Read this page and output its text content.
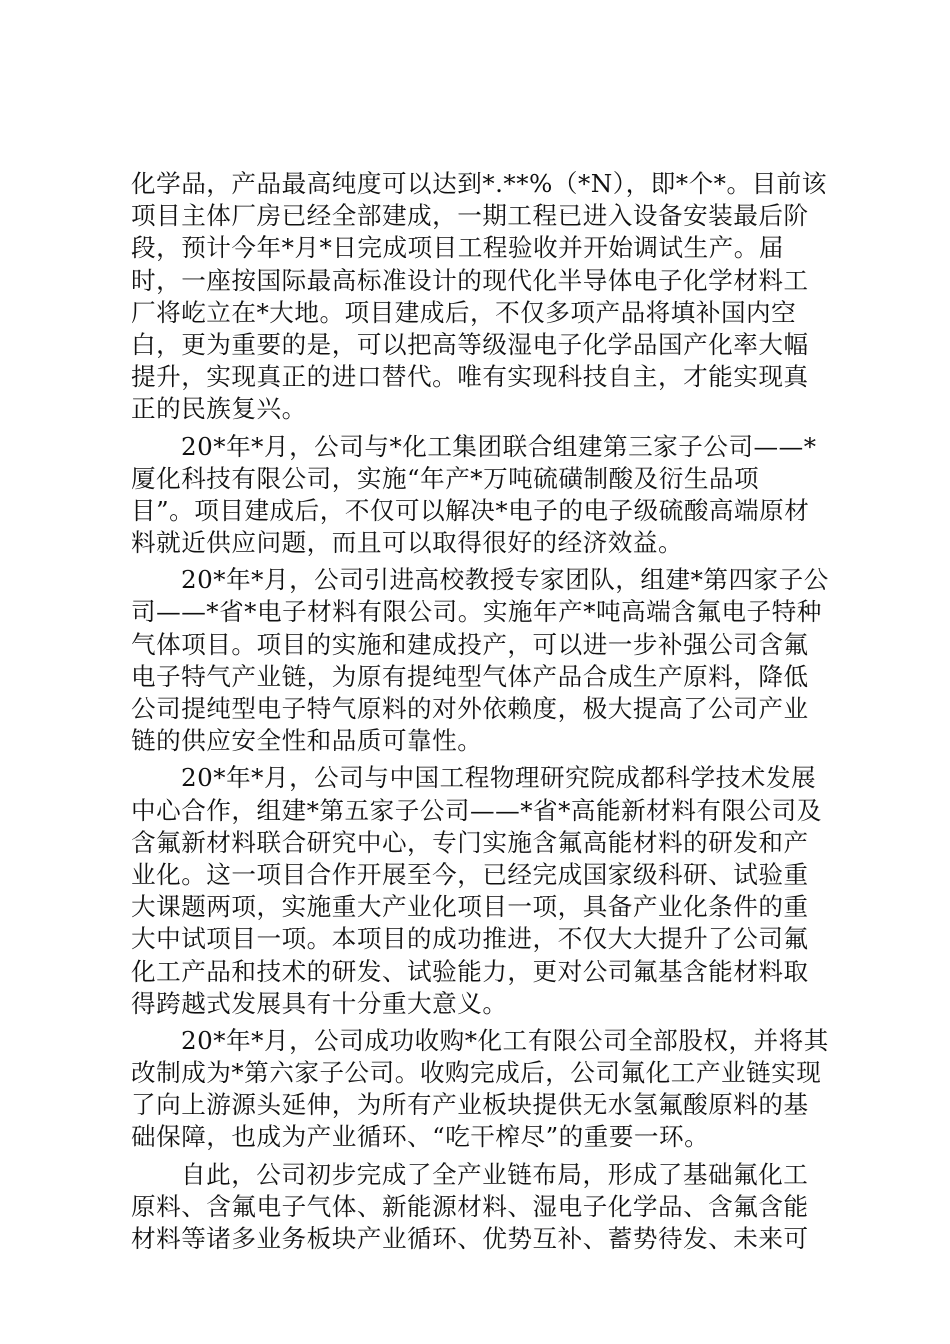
化学品，产品最高纯度可以达到*.**%（*N），即*个*。目前该
项目主体厂房已经全部建成，一期工程已进入设备安装最后阶
段，预计今年*月*日完成项目工程验收并开始调试生产。届
时，一座按国际最高标准设计的现代化半导体电子化学材料工
厂将屹立在*大地。项目建成后，不仅多项产品将填补国内空
白，更为重要的是，可以把高等级湿电子化学品国产化率大幅
提升，实现真正的进口替代。唯有实现科技自主，才能实现真
正的民族复兴。
20*年*月，公司与*化工集团联合组建第三家子公司——*
厦化科技有限公司，实施“年产*万吨硫磺制酸及衍生品项
目”。项目建成后，不仅可以解决*电子的电子级硫酸高端原材
料就近供应问题，而且可以取得很好的经济效益。
20*年*月，公司引进高校教授专家团队，组建*第四家子公
司——*省*电子材料有限公司。实施年产*吨高端含氟电子特种
气体项目。项目的实施和建成投产，可以进一步补强公司含氟
电子特气产业链，为原有提纯型气体产品合成生产原料，降低
公司提纯型电子特气原料的对外依赖度，极大提高了公司产业
链的供应安全性和品质可靠性。
20*年*月，公司与中国工程物理研究院成都科学技术发展
中心合作，组建*第五家子公司——*省*高能新材料有限公司及
含氟新材料联合研究中心，专门实施含氟高能材料的研发和产
业化。这一项目合作开展至今，已经完成国家级科研、试验重
大课题两项，实施重大产业化项目一项，具备产业化条件的重
大中试项目一项。本项目的成功推进，不仅大大提升了公司氟
化工产品和技术的研发、试验能力，更对公司氟基含能材料取
得跨越式发展具有十分重大意义。
20*年*月，公司成功收购*化工有限公司全部股权，并将其
改制成为*第六家子公司。收购完成后，公司氟化工产业链实现
了向上游源头延伸，为所有产业板块提供无水氢氟酸原料的基
础保障，也成为产业循环、“吃干榨尽”的重要一环。
自此，公司初步完成了全产业链布局，形成了基础氟化工
原料、含氟电子气体、新能源材料、湿电子化学品、含氟含能
材料等诸多业务板块产业循环、优势互补、蓄势待发、未来可
